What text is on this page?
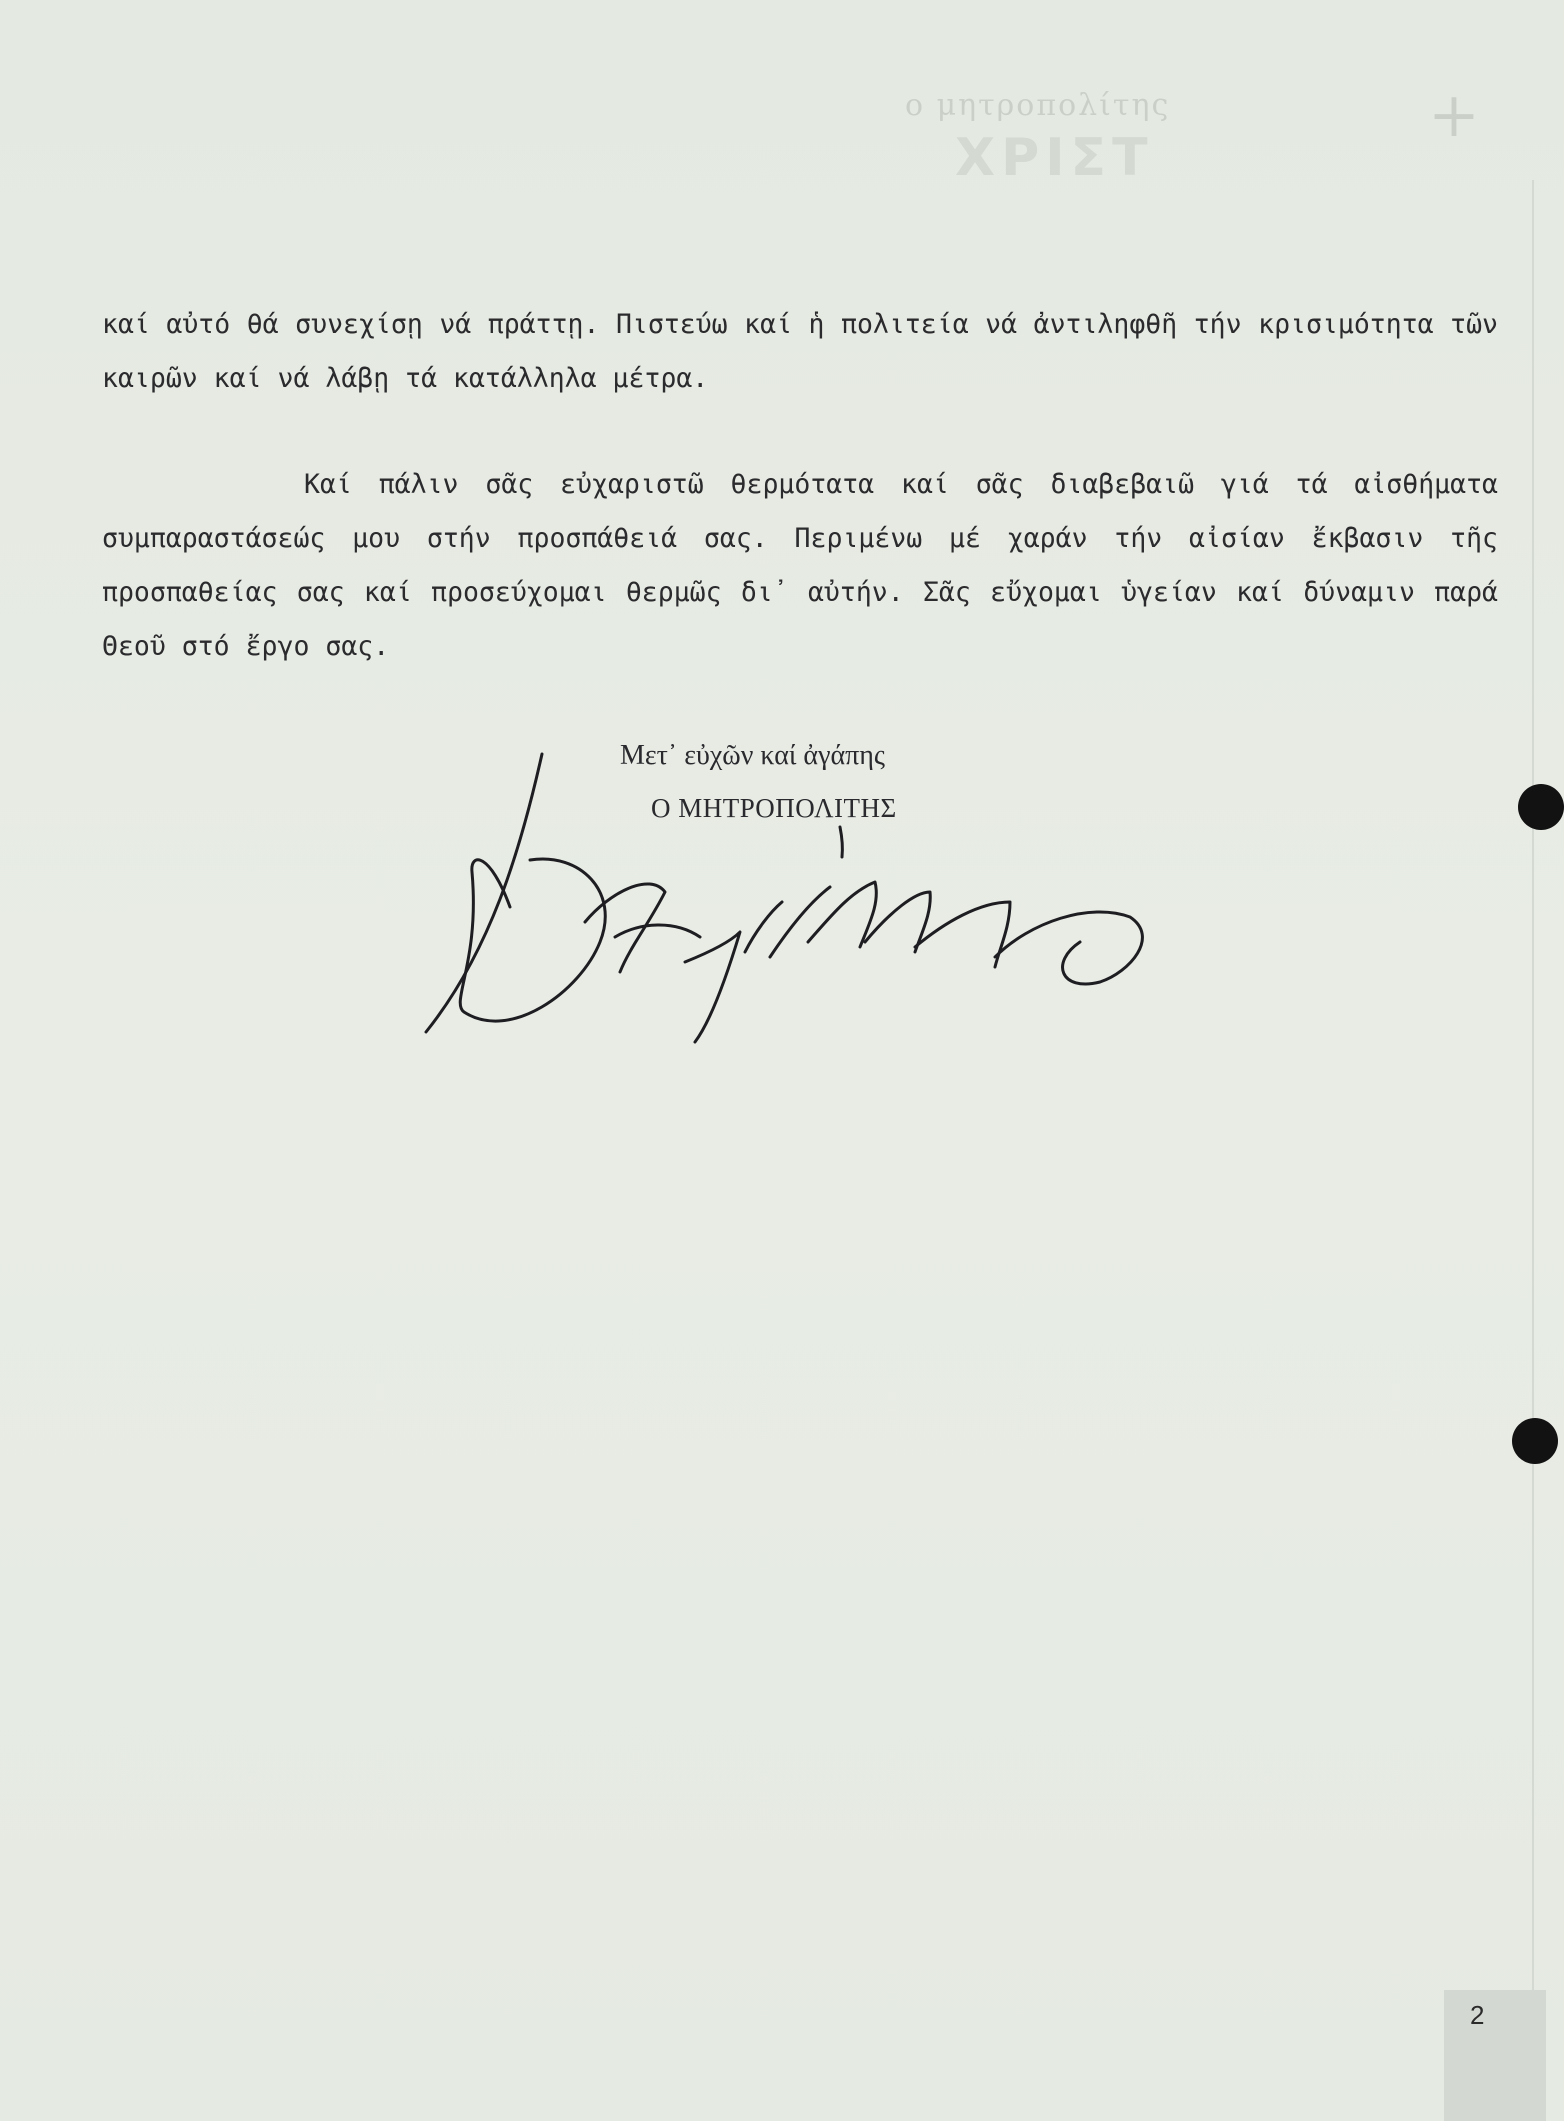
+
ο μητροπολίτης
ΧΡΙΣΤ
καί αὐτό θά συνεχίσῃ νά πράττῃ. Πιστεύω καί ἡ πολιτεία νά ἀντιληφθῆ τήν κρισιμότητα τῶν καιρῶν καί νά λάβῃ τά κατάλληλα μέτρα.
Καί πάλιν σᾶς εὐχαριστῶ θερμότατα καί σᾶς διαβεβαιῶ γιά τά αἰσθήματα συμπαραστάσεώς μου στήν προσπάθειά σας. Περιμένω μέ χαράν τήν αἰσίαν ἔκβασιν τῆς προσπαθείας σας καί προσεύχομαι θερμῶς δι᾽ αὐτήν. Σᾶς εὔχομαι ὑγείαν καί δύναμιν παρά Θεοῦ στό ἔργο σας.
Μετ᾽ εὐχῶν καί ἀγάπης
Ο ΜΗΤΡΟΠΟΛΙΤΗΣ
2
